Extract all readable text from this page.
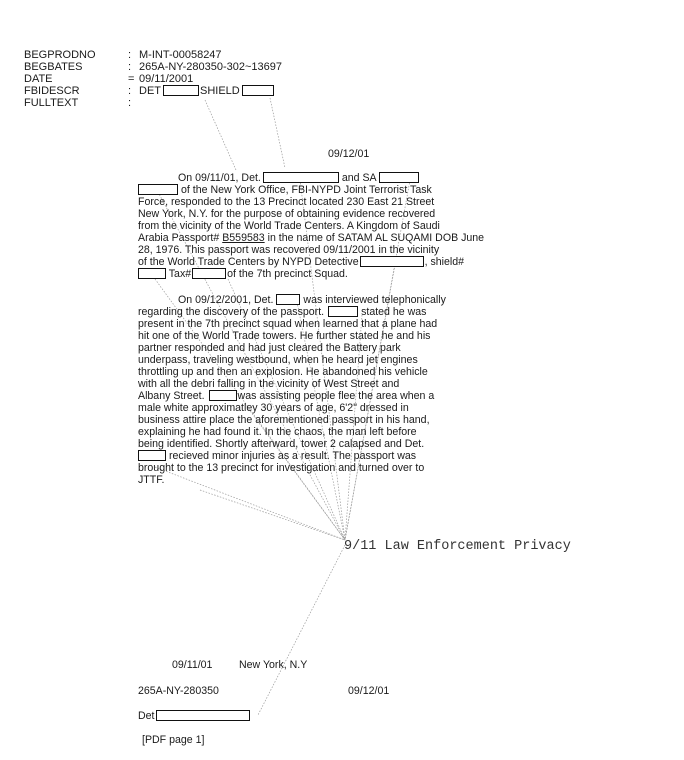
BEGPRODNO	: M-INT-00058247
BEGBATES	: 265A-NY-280350-302~13697
DATE	= 09/11/2001
FBIDESCR	: DET	SHIELD
FULLTEXT	:
09/12/01
On 09/11/01, Det.	and SA
of the New York Office, FBI-NYPD Joint Terrorist Task
Force, responded to the 13 Precinct located 230 East 21 Street
New York, N.Y. for the purpose of obtaining evidence recovered
from the vicinity of the World Trade Centers. A Kingdom of Saudi
Arabia Passport# B559583 in the name of SATAM AL SUQAMI DOB June
28, 1976. This passport was recovered 09/11/2001 in the vicinity
of the World Trade Centers by NYPD Detective	, shield#
Tax#	of the 7th precinct Squad.
On 09/12/2001, Det.	was interviewed telephonically
regarding the discovery of the passport.	stated he was
present in the 7th precinct squad when learned that a plane had
hit one of the World Trade towers. He further stated he and his
partner responded and had just cleared the Battery park
underpass, traveling westbound, when he heard jet engines
throttling up and then an explosion. He abandoned his vehicle
with all the debri falling in the vicinity of West Street and
Albany Street.	was assisting people flee the area when a
male white approximatley 30 years of age, 6'2" dressed in
business attire place the aforementioned passport in his hand,
explaining he had found it. In the chaos, the man left before
being identified. Shortly afterward, tower 2 calapsed and Det.
recieved minor injuries as a result. The passport was
brought to the 13 precinct for investigation and turned over to
JTTF.
9/11 Law Enforcement Privacy
09/11/01	New York, N.Y
265A-NY-280350	09/12/01
Det
[PDF page 1]
